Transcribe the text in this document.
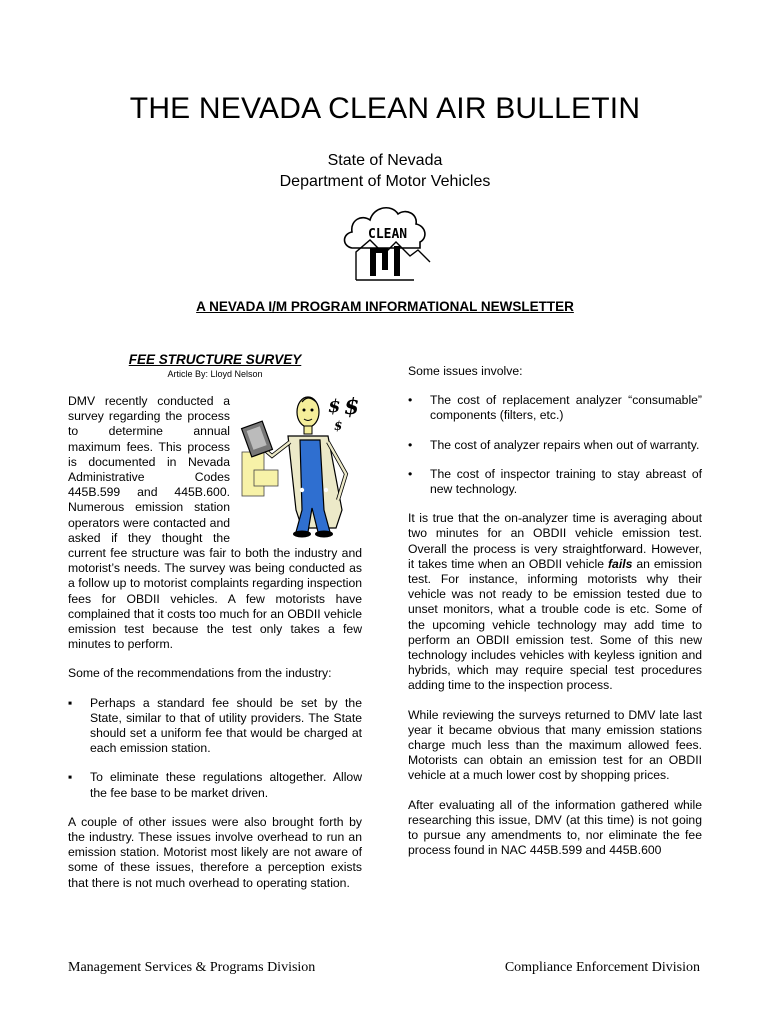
THE NEVADA CLEAN AIR BULLETIN
State of Nevada
Department of Motor Vehicles
CLEAN
A NEVADA I/M PROGRAM INFORMATIONAL NEWSLETTER
FEE STRUCTURE SURVEY
Article By: Lloyd Nelson

DMV recently conducted a survey regarding the process to determine annual maximum fees. This process is documented in Nevada Administrative Codes 445B.599 and 445B.600. Numerous emission station operators were contacted and asked if they thought the current fee structure was fair to both the industry and motorist’s needs. The survey was being conducted as a follow up to motorist complaints regarding inspection fees for OBDII vehicles. A few motorists have complained that it costs too much for an OBDII vehicle emission test because the test only takes a few minutes to perform.

Some of the recommendations from the industry:

▪ Perhaps a standard fee should be set by the State, similar to that of utility providers. The State should set a uniform fee that would be charged at each emission station.
▪ To eliminate these regulations altogether. Allow the fee base to be market driven.

A couple of other issues were also brought forth by the industry. These issues involve overhead to run an emission station. Motorist most likely are not aware of some of these issues, therefore a perception exists that there is not much overhead to operating station.

$ $
$

Some issues involve:

• The cost of replacement analyzer “consumable” components (filters, etc.)
• The cost of analyzer repairs when out of warranty.
• The cost of inspector training to stay abreast of new technology.

It is true that the on-analyzer time is averaging about two minutes for an OBDII vehicle emission test. Overall the process is very straightforward. However, it takes time when an OBDII vehicle fails an emission test. For instance, informing motorists why their vehicle was not ready to be emission tested due to unset monitors, what a trouble code is etc. Some of the upcoming vehicle technology may add time to perform an OBDII emission test. Some of this new technology includes vehicles with keyless ignition and hybrids, which may require special test procedures adding time to the inspection process.

While reviewing the surveys returned to DMV late last year it became obvious that many emission stations charge much less than the maximum allowed fees. Motorists can obtain an emission test for an OBDII vehicle at a much lower cost by shopping prices.

After evaluating all of the information gathered while researching this issue, DMV (at this time) is not going to pursue any amendments to, nor eliminate the fee process found in NAC 445B.599 and 445B.600

Management Services & Programs Division	Compliance Enforcement Division
